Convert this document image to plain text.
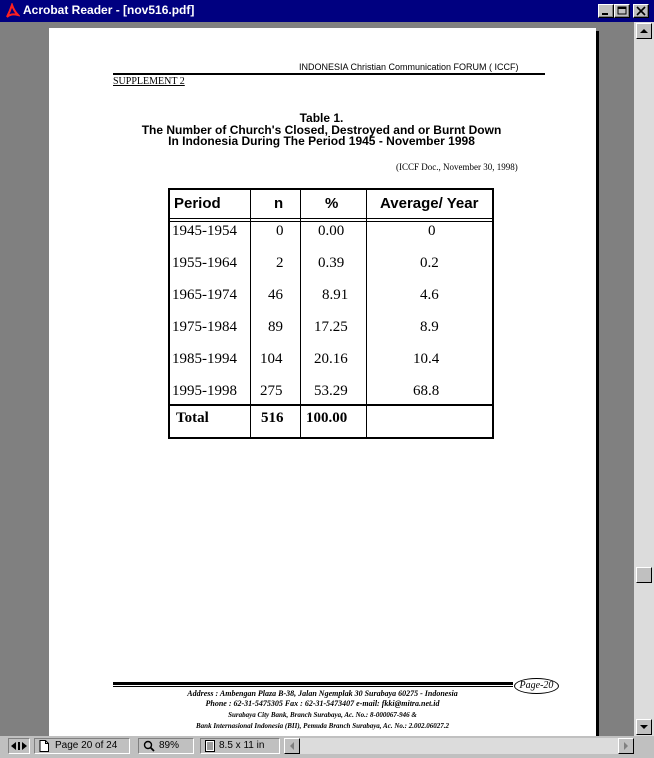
Acrobat Reader - [nov516.pdf]
INDONESIA Christian Communication FORUM ( ICCF)
SUPPLEMENT 2
Table 1.
The Number of Church's Closed, Destroyed and or Burnt Down
In Indonesia During The Period 1945 - November 1998
(ICCF Doc., November 30, 1998)
Period	n	%	Average/ Year
1945-1954	0 0.00	0
1955-1964	2 0.39	0.2
1965-1974 46	8.91	4.6
1975-1984 89 17.25	8.9
1985-1994 104 20.16	10.4
1995-1998 275 53.29	68.8
Total	516 100.00
Page-20
Address : Ambengan Plaza B-38, Jalan Ngemplak 30 Surabaya 60275 - Indonesia
Phone : 62-31-5475305 Fax : 62-31-5473407 e-mail: fkki@mitra.net.id
Surabaya City Bank, Branch Surabaya, Ac. No.: 8-000067-946 &
Bank Internasional Indonesia (BII), Pemuda Branch Surabaya, Ac. No.: 2.002.06027.2
Page 20 of 24	89%	8.5 x 11 in
